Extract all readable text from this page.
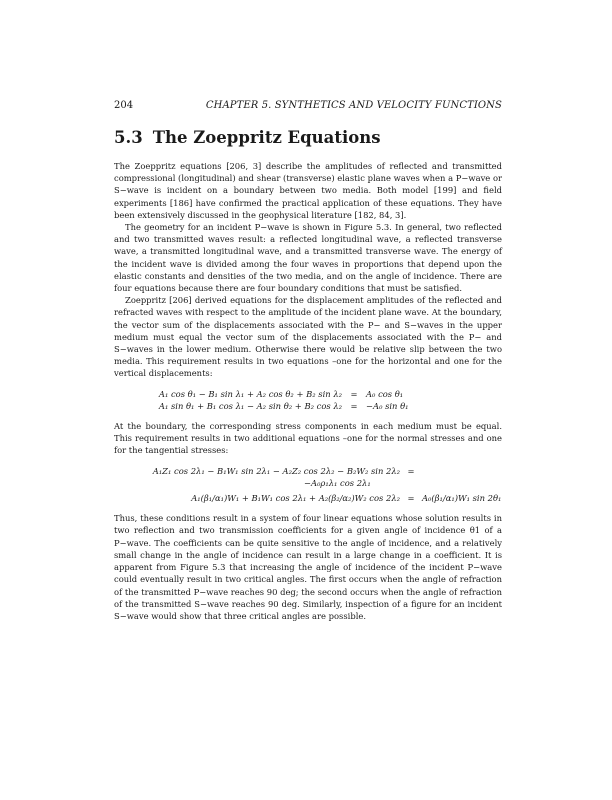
204	CHAPTER 5. SYNTHETICS AND VELOCITY FUNCTIONS
5.3 The Zoeppritz Equations

The Zoeppritz equations [206, 3] describe the amplitudes of reflected and transmitted compressional (longitudinal) and shear (transverse) elastic plane waves when a P−wave or S−wave is incident on a boundary between two media. Both model [199] and field experiments [186] have confirmed the practical application of these equations. They have been extensively discussed in the geophysical literature [182, 84, 3].

The geometry for an incident P−wave is shown in Figure 5.3. In general, two reflected and two transmitted waves result: a reflected longitudinal wave, a reflected transverse wave, a transmitted longitudinal wave, and a transmitted transverse wave. The energy of the incident wave is divided among the four waves in proportions that depend upon the elastic constants and densities of the two media, and on the angle of incidence. There are four equations because there are four boundary conditions that must be satisfied.

Zoeppritz [206] derived equations for the displacement amplitudes of the reflected and refracted waves with respect to the amplitude of the incident plane wave. At the boundary, the vector sum of the displacements associated with the P− and S−waves in the upper medium must equal the vector sum of the displacements associated with the P− and S−waves in the lower medium. Otherwise there would be relative slip between the two media. This requirement results in two equations –one for the horizontal and one for the vertical displacements:

A₁ cos θ₁ − B₁ sin λ₁ + A₂ cos θ₂ + B₂ sin λ₂	=	A₀ cos θ₁
A₁ sin θ₁ + B₁ cos λ₁ − A₂ sin θ₂ + B₂ cos λ₂	=	−A₀ sin θ₁

At the boundary, the corresponding stress components in each medium must be equal. This requirement results in two additional equations –one for the normal stresses and one for the tangential stresses:

A₁Z₁ cos 2λ₁ − B₁W₁ sin 2λ₁ − A₂Z₂ cos 2λ₂ − B₂W₂ sin 2λ₂ =
−A₀ρ₁λ₁ cos 2λ₁
A₁(β₁/α₁)W₁ + B₁W₁ cos 2λ₁ + A₂(β₂/α₂)W₂ cos 2λ₂ = A₀(β₁/α₁)W₁ sin 2θ₁

Thus, these conditions result in a system of four linear equations whose solution results in two reflection and two transmission coefficients for a given angle of incidence θ1 of a P−wave. The coefficients can be quite sensitive to the angle of incidence, and a relatively small change in the angle of incidence can result in a large change in a coefficient. It is apparent from Figure 5.3 that increasing the angle of incidence of the incident P−wave could eventually result in two critical angles. The first occurs when the angle of refraction of the transmitted P−wave reaches 90 deg; the second occurs when the angle of refraction of the transmitted S−wave reaches 90 deg. Similarly, inspection of a figure for an incident S−wave would show that three critical angles are possible.
